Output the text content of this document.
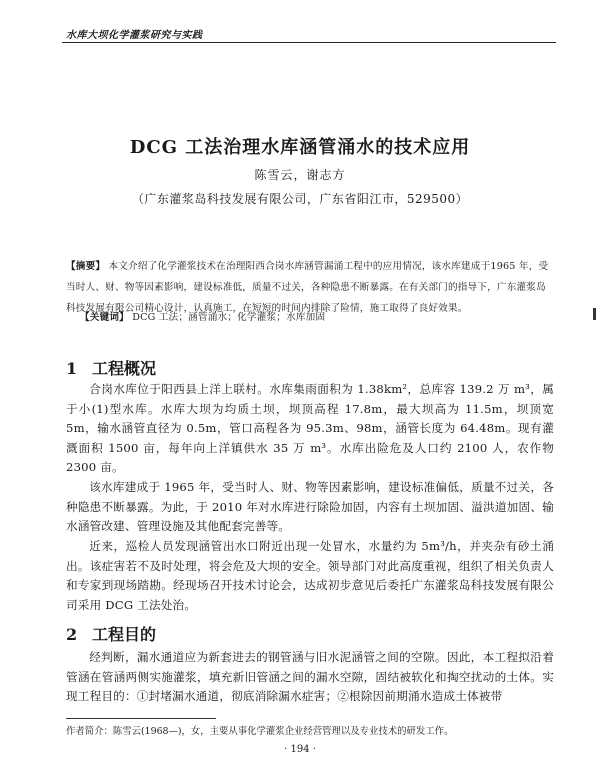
水库大坝化学灌浆研究与实践
DCG 工法治理水库涵管涌水的技术应用
陈雪云，谢志方
（广东灌浆岛科技发展有限公司，广东省阳江市，529500）
【摘要】 本文介绍了化学灌浆技术在治理阳西合岗水库涵管漏涌工程中的应用情况，该水库建成于1965 年，受当时人、财、物等因素影响，建设标准低，质量不过关，各种隐患不断暴露。在有关部门的指导下，广东灌浆岛科技发展有限公司精心设计，认真施工，在短短的时间内排除了险情，施工取得了良好效果。
【关键词】 DCG 工法；涵管涌水；化学灌浆；水库加固
1 工程概况
合岗水库位于阳西县上洋上联村。水库集雨面积为 1.38km²，总库容 139.2 万 m³，属于小(1)型水库。水库大坝为均质土坝，坝顶高程 17.8m，最大坝高为 11.5m，坝顶宽 5m，输水涵管直径为 0.5m，管口高程各为 95.3m、98m，涵管长度为 64.48m。现有灌溉面积 1500 亩，每年向上洋镇供水 35 万 m³。水库出险危及人口约 2100 人，农作物 2300 亩。
该水库建成于 1965 年，受当时人、财、物等因素影响，建设标准偏低，质量不过关，各种隐患不断暴露。为此，于 2010 年对水库进行除险加固，内容有土坝加固、溢洪道加固、输水涵管改建、管理设施及其他配套完善等。
近来，巡检人员发现涵管出水口附近出现一处冒水，水量约为 5m³/h，并夹杂有砂土涌出。该症害若不及时处理，将会危及大坝的安全。领导部门对此高度重视，组织了相关负责人和专家到现场踏勘。经现场召开技术讨论会，达成初步意见后委托广东灌浆岛科技发展有限公司采用 DCG 工法处治。
2 工程目的
经判断，漏水通道应为新套进去的钢管涵与旧水泥涵管之间的空隙。因此，本工程拟沿着管涵在管涵两侧实施灌浆，填充新旧管涵之间的漏水空隙，固结被软化和掏空扰动的土体。实现工程目的：①封堵漏水通道，彻底消除漏水症害；②根除因前期涌水造成土体被带
作者简介：陈雪云(1968—)，女，主要从事化学灌浆企业经营管理以及专业技术的研发工作。
· 194 ·
